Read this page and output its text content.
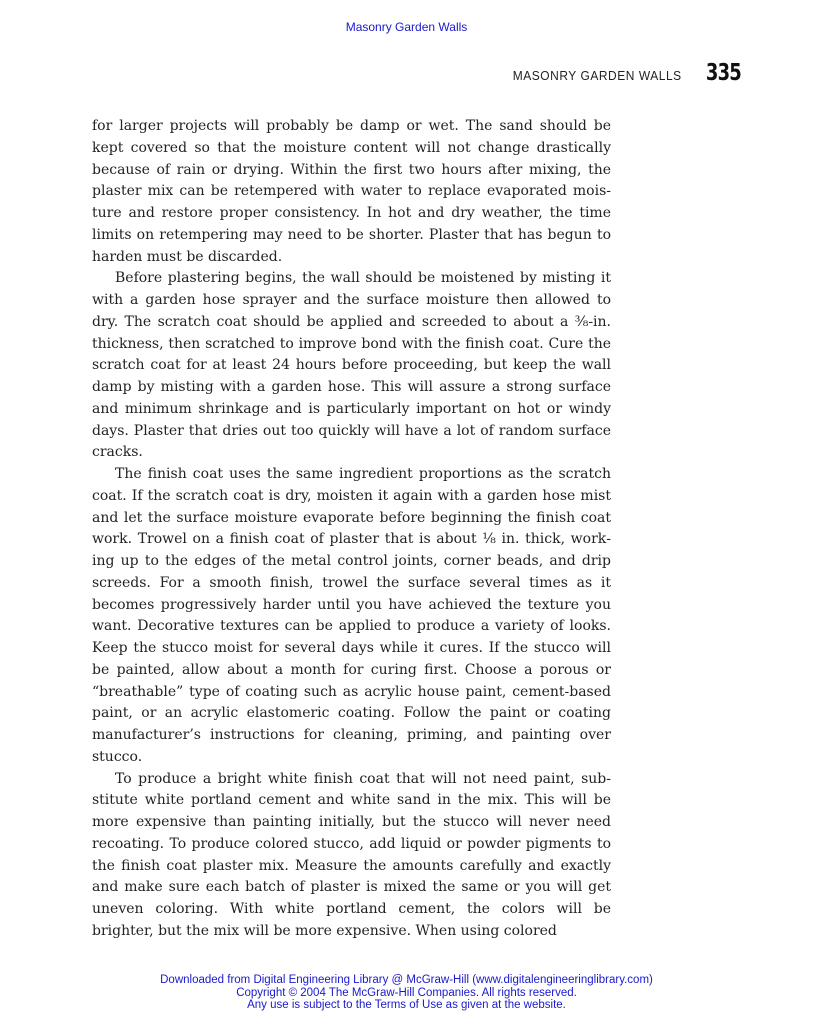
Masonry Garden Walls
MASONRY GARDEN WALLS 335

for larger projects will probably be damp or wet. The sand should be kept covered so that the moisture content will not change drastically because of rain or drying. Within the first two hours after mixing, the plaster mix can be retempered with water to replace evaporated moisture and restore proper consistency. In hot and dry weather, the time limits on retempering may need to be shorter. Plaster that has begun to harden must be discarded.

Before plastering begins, the wall should be moistened by misting it with a garden hose sprayer and the surface moisture then allowed to dry. The scratch coat should be applied and screeded to about a ³⁄₈-in. thickness, then scratched to improve bond with the finish coat. Cure the scratch coat for at least 24 hours before proceeding, but keep the wall damp by misting with a garden hose. This will assure a strong surface and minimum shrinkage and is particularly important on hot or windy days. Plaster that dries out too quickly will have a lot of random surface cracks.

The finish coat uses the same ingredient proportions as the scratch coat. If the scratch coat is dry, moisten it again with a garden hose mist and let the surface moisture evaporate before beginning the finish coat work. Trowel on a finish coat of plaster that is about ¹⁄₈ in. thick, working up to the edges of the metal control joints, corner beads, and drip screeds. For a smooth finish, trowel the surface several times as it becomes progressively harder until you have achieved the texture you want. Decorative textures can be applied to produce a variety of looks. Keep the stucco moist for several days while it cures. If the stucco will be painted, allow about a month for curing first. Choose a porous or “breathable” type of coating such as acrylic house paint, cement-based paint, or an acrylic elastomeric coating. Follow the paint or coating manufacturer’s instructions for cleaning, priming, and painting over stucco.

To produce a bright white finish coat that will not need paint, substitute white portland cement and white sand in the mix. This will be more expensive than painting initially, but the stucco will never need recoating. To produce colored stucco, add liquid or powder pigments to the finish coat plaster mix. Measure the amounts carefully and exactly and make sure each batch of plaster is mixed the same or you will get uneven coloring. With white portland cement, the colors will be brighter, but the mix will be more expensive. When using colored

Downloaded from Digital Engineering Library @ McGraw-Hill (www.digitalengineeringlibrary.com)
Copyright © 2004 The McGraw-Hill Companies. All rights reserved.
Any use is subject to the Terms of Use as given at the website.
